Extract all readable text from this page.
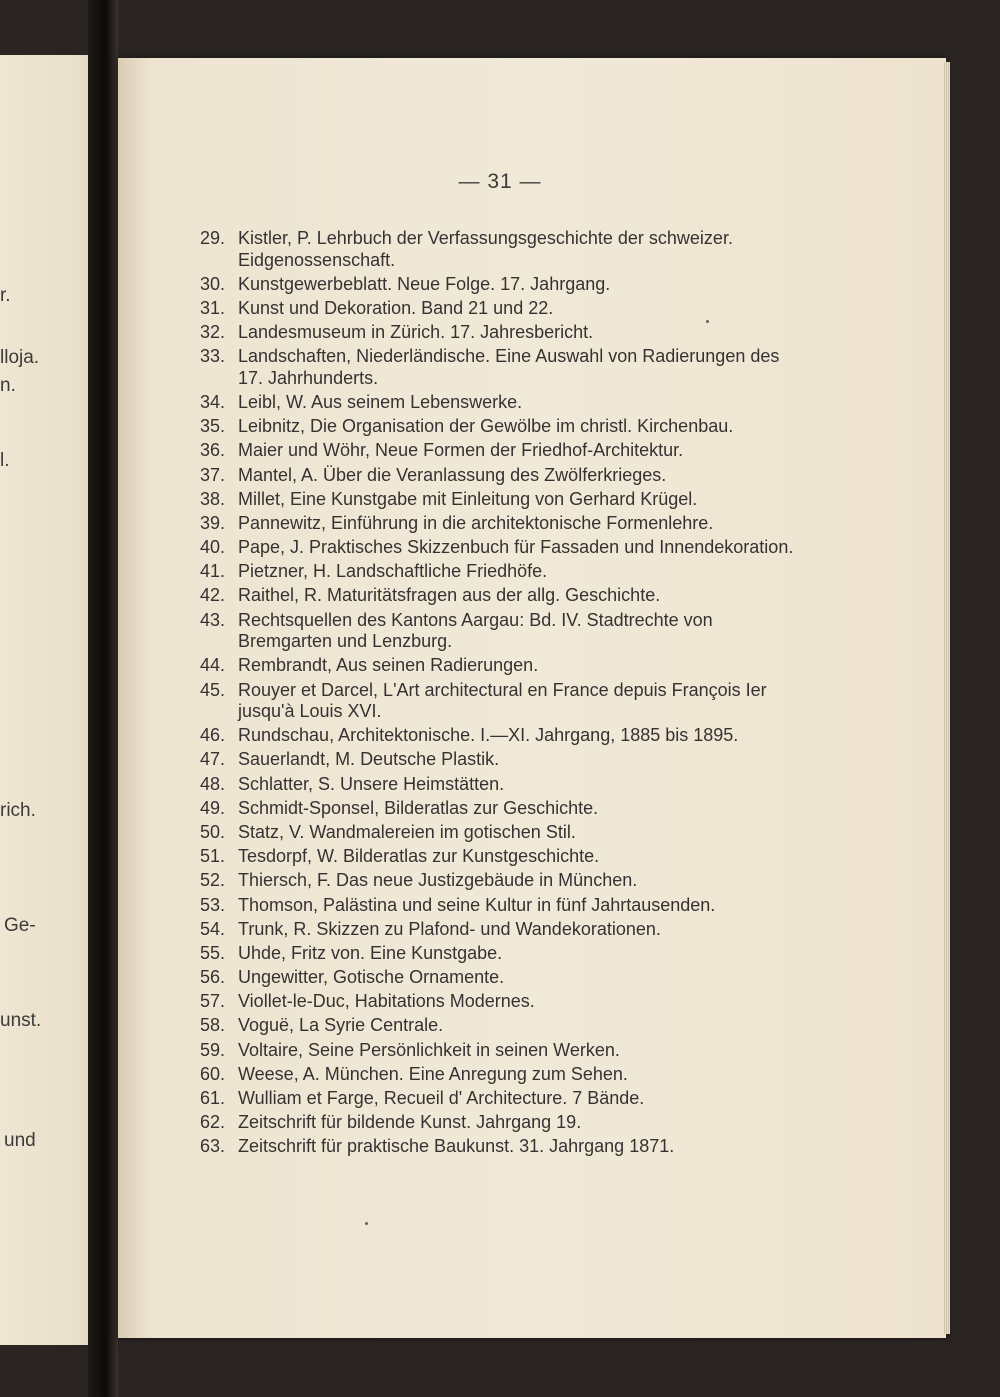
r.
n.
lloja.
l.
rich.
Ge-
unst.
und
— 31 —
29. Kistler, P. Lehrbuch der Verfassungsgeschichte der schweizer. Eidgenossenschaft.
30. Kunstgewerbeblatt. Neue Folge. 17. Jahrgang.
31. Kunst und Dekoration. Band 21 und 22.
32. Landesmuseum in Zürich. 17. Jahresbericht.
33. Landschaften, Niederländische. Eine Auswahl von Radierungen des 17. Jahrhunderts.
34. Leibl, W. Aus seinem Lebenswerke.
35. Leibnitz, Die Organisation der Gewölbe im christl. Kirchenbau.
36. Maier und Wöhr, Neue Formen der Friedhof-Architektur.
37. Mantel, A. Über die Veranlassung des Zwölferkrieges.
38. Millet, Eine Kunstgabe mit Einleitung von Gerhard Krügel.
39. Pannewitz, Einführung in die architektonische Formenlehre.
40. Pape, J. Praktisches Skizzenbuch für Fassaden und Innendekoration.
41. Pietzner, H. Landschaftliche Friedhöfe.
42. Raithel, R. Maturitätsfragen aus der allg. Geschichte.
43. Rechtsquellen des Kantons Aargau: Bd. IV. Stadtrechte von Bremgarten und Lenzburg.
44. Rembrandt, Aus seinen Radierungen.
45. Rouyer et Darcel, L'Art architectural en France depuis François Ier jusqu'à Louis XVI.
46. Rundschau, Architektonische. I.—XI. Jahrgang, 1885 bis 1895.
47. Sauerlandt, M. Deutsche Plastik.
48. Schlatter, S. Unsere Heimstätten.
49. Schmidt-Sponsel, Bilderatlas zur Geschichte.
50. Statz, V. Wandmalereien im gotischen Stil.
51. Tesdorpf, W. Bilderatlas zur Kunstgeschichte.
52. Thiersch, F. Das neue Justizgebäude in München.
53. Thomson, Palästina und seine Kultur in fünf Jahrtausenden.
54. Trunk, R. Skizzen zu Plafond- und Wandekorationen.
55. Uhde, Fritz von. Eine Kunstgabe.
56. Ungewitter, Gotische Ornamente.
57. Viollet-le-Duc, Habitations Modernes.
58. Voguë, La Syrie Centrale.
59. Voltaire, Seine Persönlichkeit in seinen Werken.
60. Weese, A. München. Eine Anregung zum Sehen.
61. Wulliam et Farge, Recueil d' Architecture. 7 Bände.
62. Zeitschrift für bildende Kunst. Jahrgang 19.
63. Zeitschrift für praktische Baukunst. 31. Jahrgang 1871.
